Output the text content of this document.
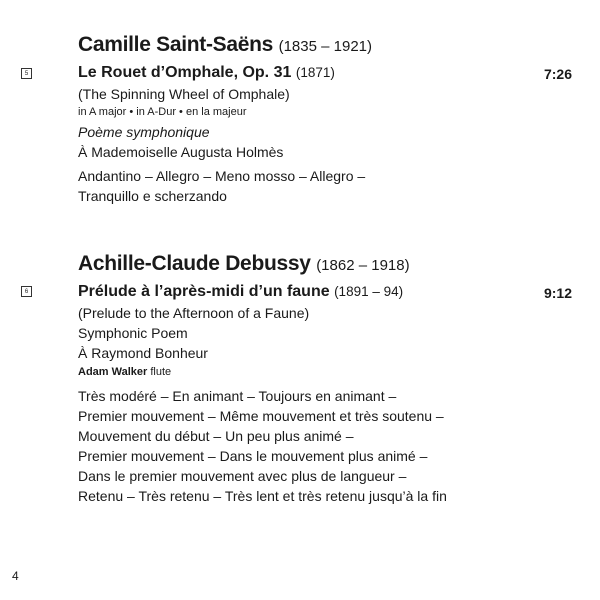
Camille Saint-Saëns (1835 – 1921)
5	Le Rouet d’Omphale, Op. 31 (1871)	7:26
(The Spinning Wheel of Omphale)
in A major • in A-Dur • en la majeur
Poème symphonique
À Mademoiselle Augusta Holmès
Andantino – Allegro – Meno mosso – Allegro –
Tranquillo e scherzando
Achille-Claude Debussy (1862 – 1918)
6	Prélude à l’après-midi d’un faune (1891 – 94)	9:12
(Prelude to the Afternoon of a Faune)
Symphonic Poem
À Raymond Bonheur
Adam Walker flute
Très modéré – En animant – Toujours en animant –
Premier mouvement – Même mouvement et très soutenu –
Mouvement du début – Un peu plus animé –
Premier mouvement – Dans le mouvement plus animé –
Dans le premier mouvement avec plus de langueur –
Retenu – Très retenu – Très lent et très retenu jusqu’à la fin
4
